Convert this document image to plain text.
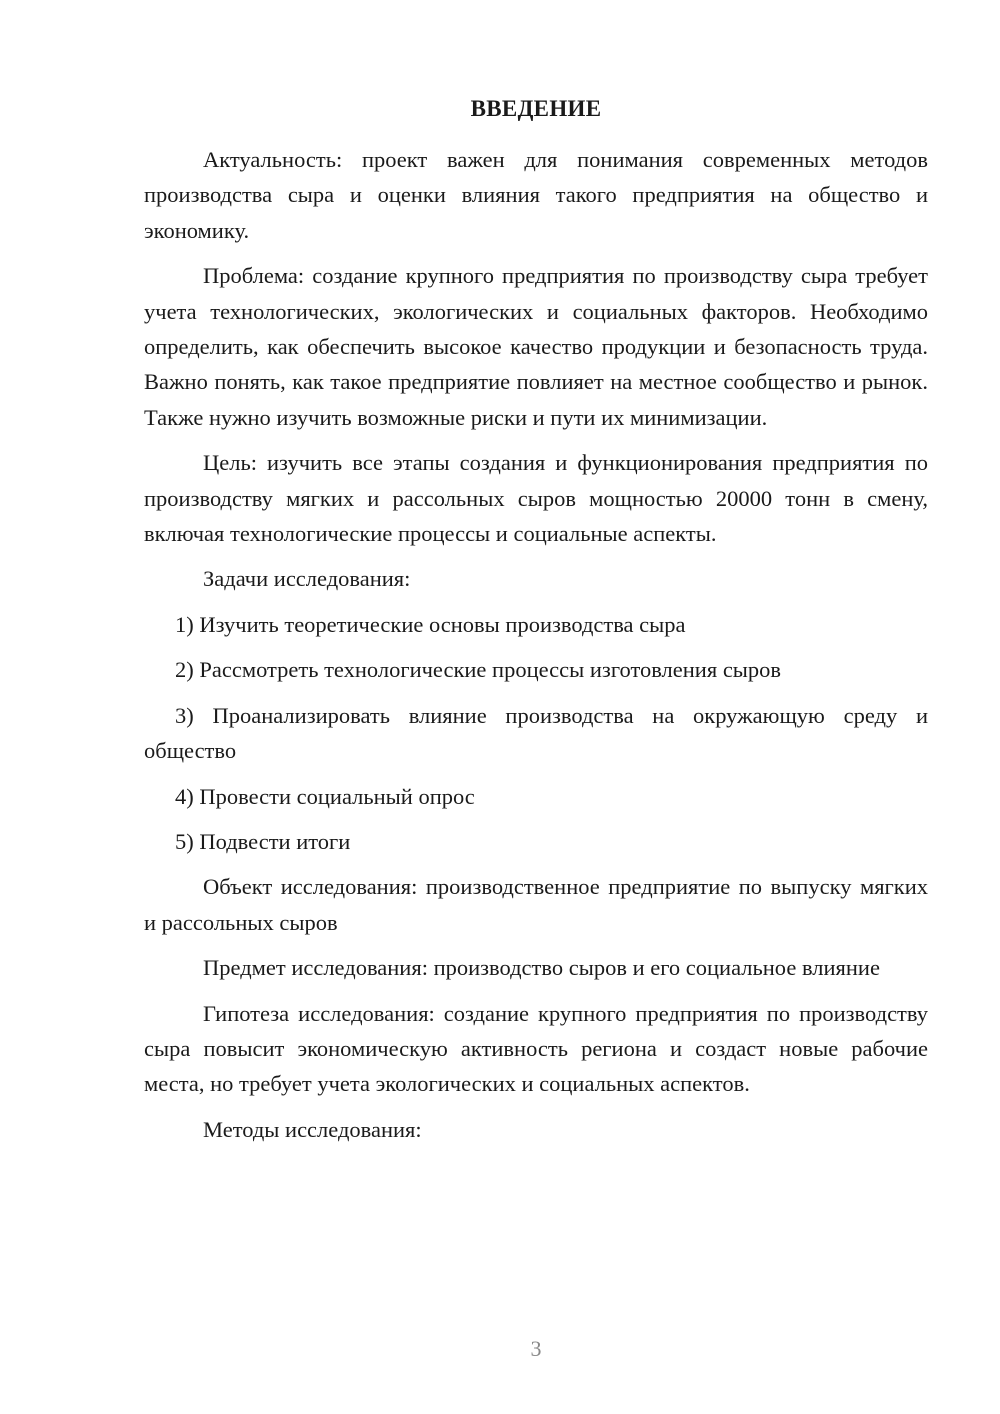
ВВЕДЕНИЕ

Актуальность: проект важен для понимания современных методов производства сыра и оценки влияния такого предприятия на общество и экономику.

Проблема: создание крупного предприятия по производству сыра требует учета технологических, экологических и социальных факторов. Необходимо определить, как обеспечить высокое качество продукции и безопасность труда. Важно понять, как такое предприятие повлияет на местное сообщество и рынок. Также нужно изучить возможные риски и пути их минимизации.

Цель: изучить все этапы создания и функционирования предприятия по производству мягких и рассольных сыров мощностью 20000 тонн в смену, включая технологические процессы и социальные аспекты.

Задачи исследования:

1) Изучить теоретические основы производства сыра

2) Рассмотреть технологические процессы изготовления сыров

3) Проанализировать влияние производства на окружающую среду и общество

4) Провести социальный опрос

5) Подвести итоги

Объект исследования: производственное предприятие по выпуску мягких и рассольных сыров

Предмет исследования: производство сыров и его социальное влияние

Гипотеза исследования: создание крупного предприятия по производству сыра повысит экономическую активность региона и создаст новые рабочие места, но требует учета экологических и социальных аспектов.

Методы исследования:

3
